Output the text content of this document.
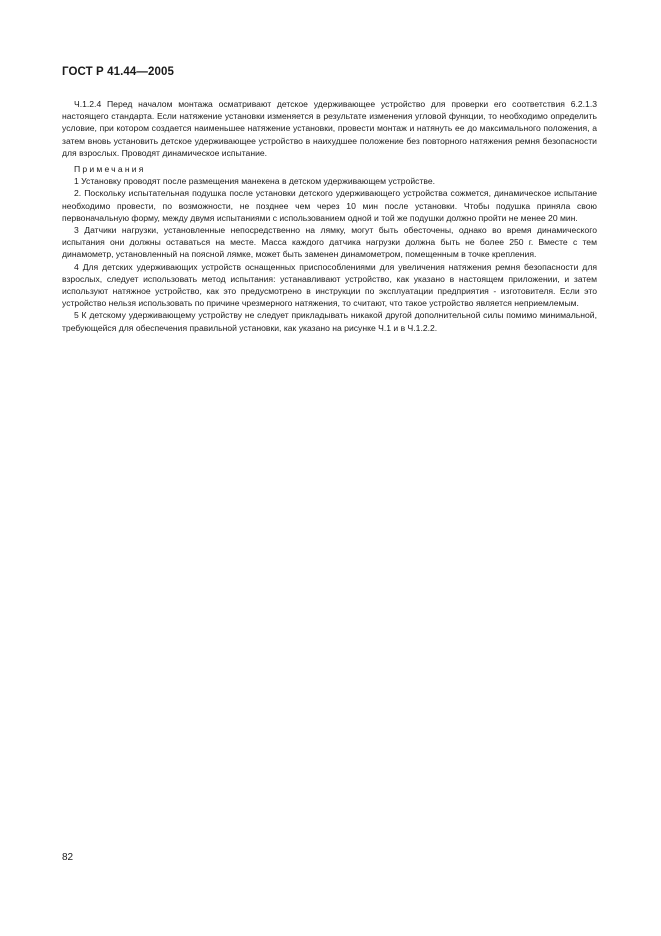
ГОСТ Р 41.44—2005

Ч.1.2.4 Перед началом монтажа осматривают детское удерживающее устройство для проверки его соответствия 6.2.1.3 настоящего стандарта. Если натяжение установки изменяется в результате изменения угловой функции, то необходимо определить условие, при котором создается наименьшее натяжение установки, провести монтаж и натянуть ее до максимального положения, а затем вновь установить детское удерживающее устройство в наихудшее положение без повторного натяжения ремня безопасности для взрослых. Проводят динамическое испытание.

Примечания

1 Установку проводят после размещения манекена в детском удерживающем устройстве.

2. Поскольку испытательная подушка после установки детского удерживающего устройства сожмется, динамическое испытание необходимо провести, по возможности, не позднее чем через 10 мин после установки. Чтобы подушка приняла свою первоначальную форму, между двумя испытаниями с использованием одной и той же подушки должно пройти не менее 20 мин.

3 Датчики нагрузки, установленные непосредственно на лямку, могут быть обесточены, однако во время динамического испытания они должны оставаться на месте. Масса каждого датчика нагрузки должна быть не более 250 г. Вместе с тем динамометр, установленный на поясной лямке, может быть заменен динамометром, помещенным в точке крепления.

4 Для детских удерживающих устройств оснащенных приспособлениями для увеличения натяжения ремня безопасности для взрослых, следует использовать метод испытания: устанавливают устройство, как указано в настоящем приложении, и затем используют натяжное устройство, как это предусмотрено в инструкции по эксплуатации предприятия - изготовителя. Если это устройство нельзя использовать по причине чрезмерного натяжения, то считают, что такое устройство является неприемлемым.

5 К детскому удерживающему устройству не следует прикладывать никакой другой дополнительной силы помимо минимальной, требующейся для обеспечения правильной установки, как указано на рисунке Ч.1 и в Ч.1.2.2.

82
